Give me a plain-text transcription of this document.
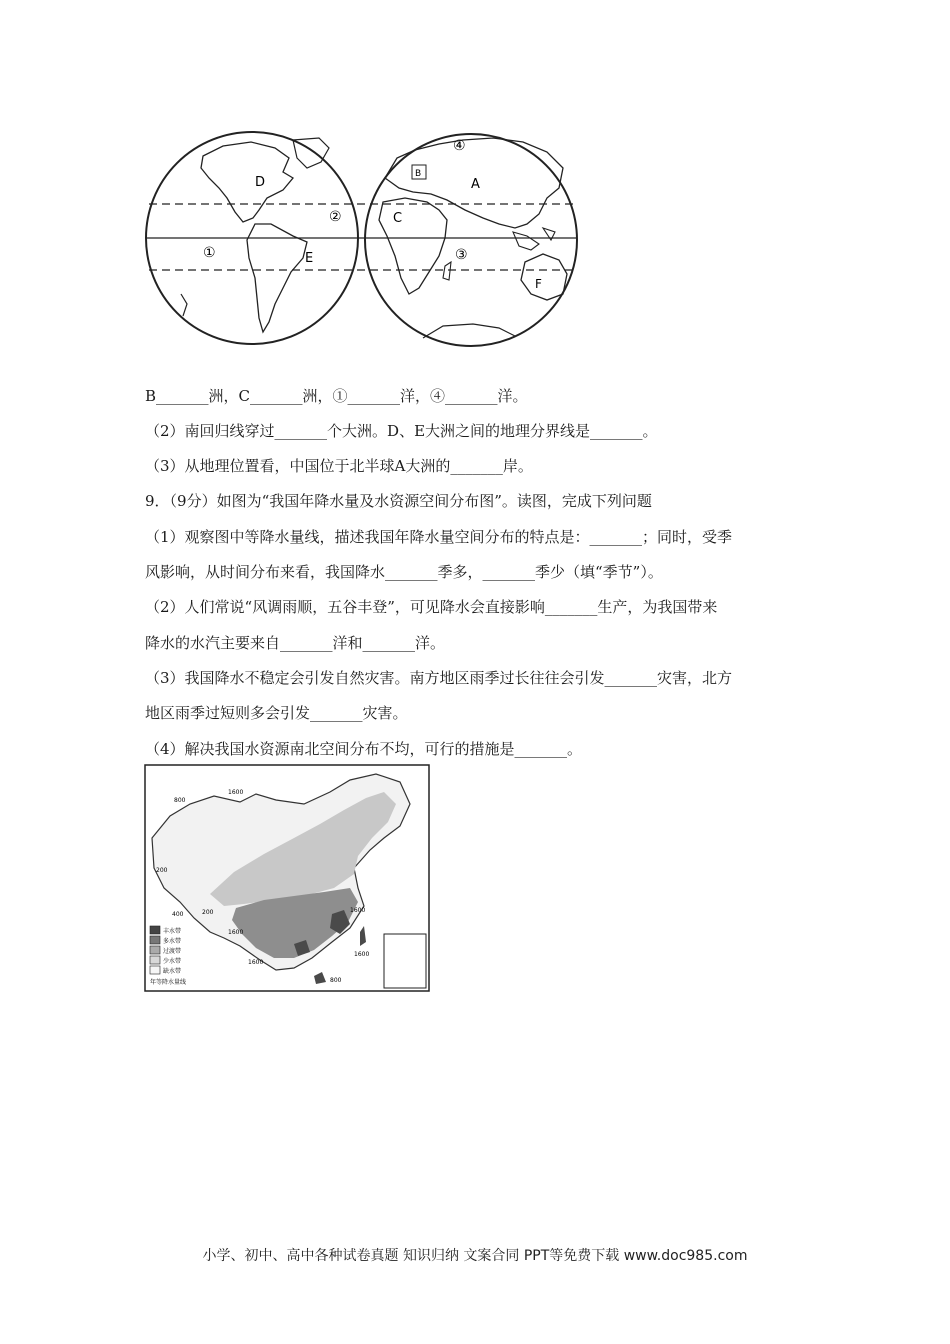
D
E
B
A
C
F
①
②
③
④
B_______洲，C_______洲，①_______洋，④_______洋。
（2）南回归线穿过_______个大洲。D、E大洲之间的地理分界线是_______。
（3）从地理位置看，中国位于北半球A大洲的_______岸。
9．（9分）如图为“我国年降水量及水资源空间分布图”。读图，完成下列问题
（1）观察图中等降水量线，描述我国年降水量空间分布的特点是：_______；同时，受季
风影响，从时间分布来看，我国降水_______季多，_______季少（填“季节”）。
（2）人们常说“风调雨顺，五谷丰登”，可见降水会直接影响_______生产，为我国带来
降水的水汽主要来自_______洋和_______洋。
（3）我国降水不稳定会引发自然灾害。南方地区雨季过长往往会引发_______灾害，北方
地区雨季过短则多会引发_______灾害。
（4）解决我国水资源南北空间分布不均，可行的措施是_______。
丰水带
多水带
过渡带
少水带
缺水带
年等降水量线
800
1600
200
400
1600
1600
1600
200
800
1600
小学、初中、高中各种试卷真题 知识归纳 文案合同 PPT等免费下载 www.doc985.com
